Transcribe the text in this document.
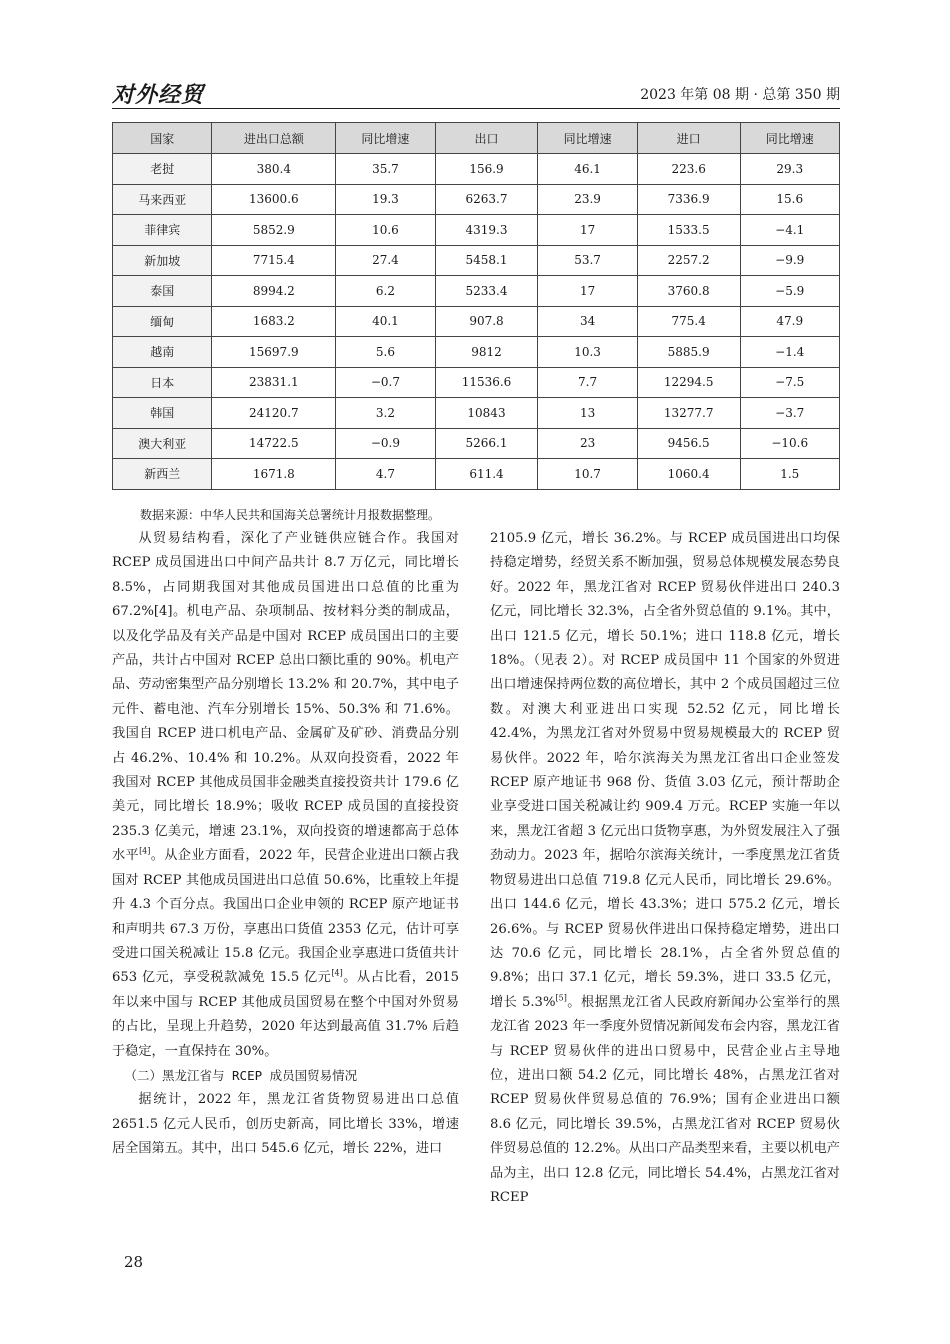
对外经贸	2023 年第 08 期 · 总第 350 期
国家	进出口总额	同比增速	出口	同比增速	进口	同比增速
老挝	380.4	35.7	156.9	46.1	223.6	29.3
马来西亚	13600.6	19.3	6263.7	23.9	7336.9	15.6
菲律宾	5852.9	10.6	4319.3	17	1533.5	−4.1
新加坡	7715.4	27.4	5458.1	53.7	2257.2	−9.9
泰国	8994.2	6.2	5233.4	17	3760.8	−5.9
缅甸	1683.2	40.1	907.8	34	775.4	47.9
越南	15697.9	5.6	9812	10.3	5885.9	−1.4
日本	23831.1	−0.7	11536.6	7.7	12294.5	−7.5
韩国	24120.7	3.2	10843	13	13277.7	−3.7
澳大利亚	14722.5	−0.9	5266.1	23	9456.5	−10.6
新西兰	1671.8	4.7	611.4	10.7	1060.4	1.5
数据来源：中华人民共和国海关总署统计月报数据整理。

从贸易结构看，深化了产业链供应链合作。我国对 RCEP 成员国进出口中间产品共计 8.7 万亿元，同比增长 8.5%，占同期我国对其他成员国进出口总值的比重为 67.2%[4]。机电产品、杂项制品、按材料分类的制成品，以及化学品及有关产品是中国对 RCEP 成员国出口的主要产品，共计占中国对 RCEP 总出口额比重的 90%。机电产品、劳动密集型产品分别增长 13.2% 和 20.7%，其中电子元件、蓄电池、汽车分别增长 15%、50.3% 和 71.6%。我国自 RCEP 进口机电产品、金属矿及矿砂、消费品分别占 46.2%、10.4% 和 10.2%。从双向投资看，2022 年我国对 RCEP 其他成员国非金融类直接投资共计 179.6 亿美元，同比增长 18.9%；吸收 RCEP 成员国的直接投资 235.3 亿美元，增速 23.1%，双向投资的增速都高于总体水平[4]。从企业方面看，2022 年，民营企业进出口额占我国对 RCEP 其他成员国进出口总值 50.6%，比重较上年提升 4.3 个百分点。我国出口企业申领的 RCEP 原产地证书和声明共 67.3 万份，享惠出口货值 2353 亿元，估计可享受进口国关税减让 15.8 亿元。我国企业享惠进口货值共计 653 亿元，享受税款减免 15.5 亿元[4]。从占比看，2015 年以来中国与 RCEP 其他成员国贸易在整个中国对外贸易的占比，呈现上升趋势，2020 年达到最高值 31.7% 后趋于稳定，一直保持在 30%。

（二）黑龙江省与 RCEP 成员国贸易情况

据统计，2022 年，黑龙江省货物贸易进出口总值 2651.5 亿元人民币，创历史新高，同比增长 33%，增速居全国第五。其中，出口 545.6 亿元，增长 22%，进口

2105.9 亿元，增长 36.2%。与 RCEP 成员国进出口均保持稳定增势，经贸关系不断加强，贸易总体规模发展态势良好。2022 年，黑龙江省对 RCEP 贸易伙伴进出口 240.3 亿元，同比增长 32.3%，占全省外贸总值的 9.1%。其中，出口 121.5 亿元，增长 50.1%；进口 118.8 亿元，增长 18%。（见表 2）。对 RCEP 成员国中 11 个国家的外贸进出口增速保持两位数的高位增长，其中 2 个成员国超过三位数。对澳大利亚进出口实现 52.52 亿元，同比增长 42.4%，为黑龙江省对外贸易中贸易规模最大的 RCEP 贸易伙伴。2022 年，哈尔滨海关为黑龙江省出口企业签发 RCEP 原产地证书 968 份、货值 3.03 亿元，预计帮助企业享受进口国关税减让约 909.4 万元。RCEP 实施一年以来，黑龙江省超 3 亿元出口货物享惠，为外贸发展注入了强劲动力。2023 年，据哈尔滨海关统计，一季度黑龙江省货物贸易进出口总值 719.8 亿元人民币，同比增长 29.6%。出口 144.6 亿元，增长 43.3%；进口 575.2 亿元，增长 26.6%。与 RCEP 贸易伙伴进出口保持稳定增势，进出口达 70.6 亿元，同比增长 28.1%，占全省外贸总值的 9.8%；出口 37.1 亿元，增长 59.3%，进口 33.5 亿元，增长 5.3%[5]。根据黑龙江省人民政府新闻办公室举行的黑龙江省 2023 年一季度外贸情况新闻发布会内容，黑龙江省与 RCEP 贸易伙伴的进出口贸易中，民营企业占主导地位，进出口额 54.2 亿元，同比增长 48%，占黑龙江省对 RCEP 贸易伙伴贸易总值的 76.9%；国有企业进出口额 8.6 亿元，同比增长 39.5%，占黑龙江省对 RCEP 贸易伙伴贸易总值的 12.2%。从出口产品类型来看，主要以机电产品为主，出口 12.8 亿元，同比增长 54.4%，占黑龙江省对 RCEP

28
